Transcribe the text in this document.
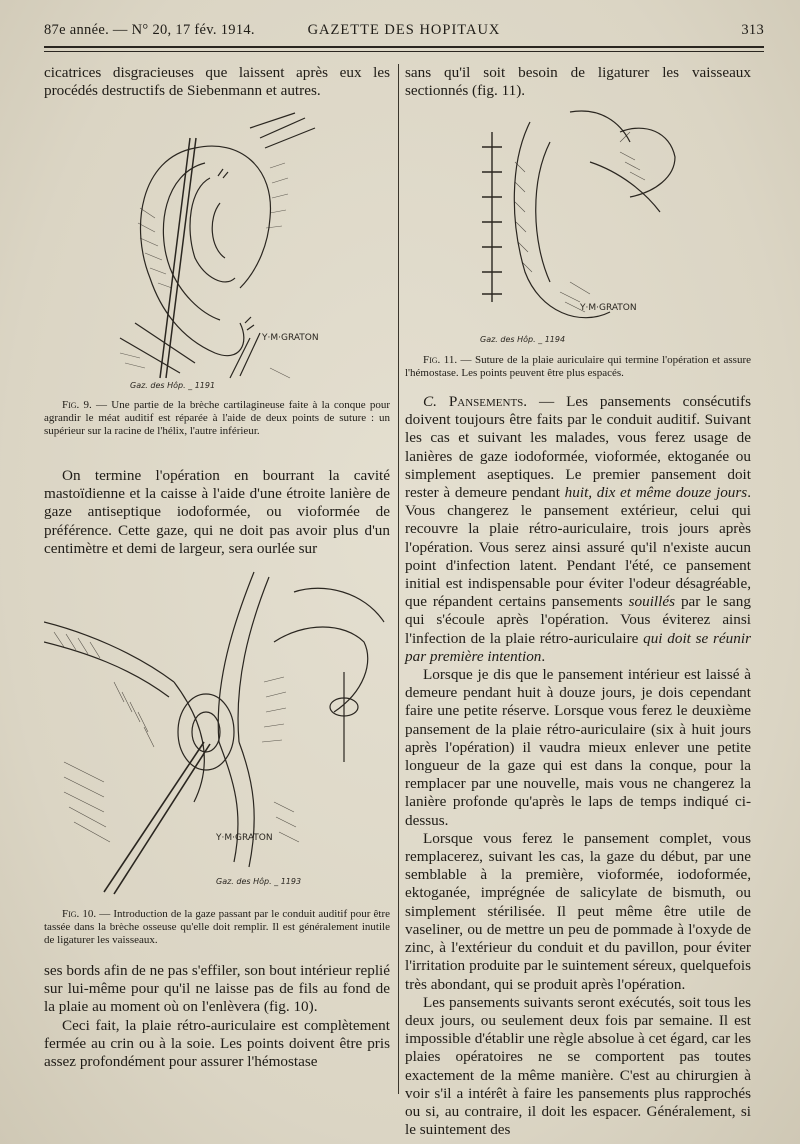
87e année. — N° 20, 17 fév. 1914.	GAZETTE DES HOPITAUX	313

cicatrices disgracieuses que laissent après eux les procédés destructifs de Siebenmann et autres.

Y·M·GRATON
Gaz. des Hôp. _ 1191

Fig. 9. — Une partie de la brèche cartilagineuse faite à la conque pour agrandir le méat auditif est réparée à l'aide de deux points de suture : un supérieur sur la racine de l'hélix, l'autre inférieur.

On termine l'opération en bourrant la cavité mastoïdienne et la caisse à l'aide d'une étroite lanière de gaze antiseptique iodoformée, ou vioformée de préférence. Cette gaze, qui ne doit pas avoir plus d'un centimètre et demi de largeur, sera ourlée sur

Y·M·GRATON
Gaz. des Hôp. _ 1193

Fig. 10. — Introduction de la gaze passant par le conduit auditif pour être tassée dans la brèche osseuse qu'elle doit remplir. Il est généralement inutile de ligaturer les vaisseaux.

ses bords afin de ne pas s'effiler, son bout intérieur replié sur lui-même pour qu'il ne laisse pas de fils au fond de la plaie au moment où on l'enlèvera (fig. 10).

Ceci fait, la plaie rétro-auriculaire est complètement fermée au crin ou à la soie. Les points doivent être pris assez profondément pour assurer l'hémostase

sans qu'il soit besoin de ligaturer les vaisseaux sectionnés (fig. 11).

Y·M·GRATON
Gaz. des Hôp. _ 1194

Fig. 11. — Suture de la plaie auriculaire qui termine l'opération et assure l'hémostase. Les points peuvent être plus espacés.

C. Pansements. — Les pansements consécutifs doivent toujours être faits par le conduit auditif. Suivant les cas et suivant les malades, vous ferez usage de lanières de gaze iodoformée, vioformée, ektoganée ou simplement aseptiques. Le premier pansement doit rester à demeure pendant huit, dix et même douze jours. Vous changerez le pansement extérieur, celui qui recouvre la plaie rétro-auriculaire, trois jours après l'opération. Vous serez ainsi assuré qu'il n'existe aucun point d'infection latent. Pendant l'été, ce pansement initial est indispensable pour éviter l'odeur désagréable, que répandent certains pansements souillés par le sang qui s'écoule après l'opération. Vous éviterez ainsi l'infection de la plaie rétro-auriculaire qui doit se réunir par première intention.

Lorsque je dis que le pansement intérieur est laissé à demeure pendant huit à douze jours, je dois cependant faire une petite réserve. Lorsque vous ferez le deuxième pansement de la plaie rétro-auriculaire (six à huit jours après l'opération) il vaudra mieux enlever une petite longueur de la gaze qui est dans la conque, pour la remplacer par une nouvelle, mais vous ne changerez la lanière profonde qu'après le laps de temps indiqué ci-dessus.

Lorsque vous ferez le pansement complet, vous remplacerez, suivant les cas, la gaze du début, par une semblable à la première, vioformée, iodoformée, ektoganée, imprégnée de salicylate de bismuth, ou simplement stérilisée. Il peut même être utile de vaseliner, ou de mettre un peu de pommade à l'oxyde de zinc, à l'extérieur du conduit et du pavillon, pour éviter l'irritation produite par le suintement séreux, quelquefois très abondant, qui se produit après l'opération.

Les pansements suivants seront exécutés, soit tous les deux jours, ou seulement deux fois par semaine. Il est impossible d'établir une règle absolue à cet égard, car les plaies opératoires ne se comportent pas toutes exactement de la même manière. C'est au chirurgien à voir s'il a intérêt à faire les pansements plus rapprochés ou si, au contraire, il doit les espacer. Généralement, si le suintement des
